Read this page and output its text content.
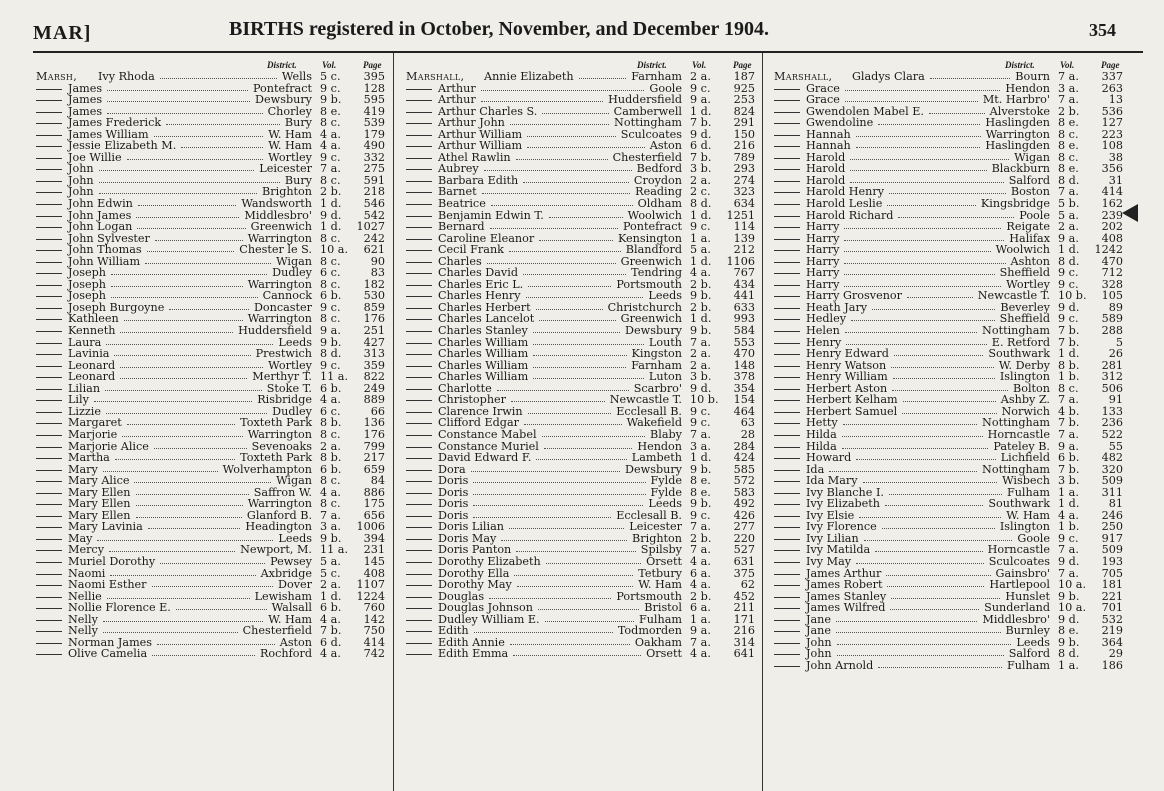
MAR]	BIRTHS registered in October, November, and December 1904.	354
District.	Vol.	Page
Marsh, Ivy Rhoda	Wells 5 c. 395
James	Pontefract 9 c. 128
James	Dewsbury 9 b. 595
James	Chorley 8 e. 419
James Frederick	Bury 8 c. 539
James William	W. Ham 4 a. 179
Jessie Elizabeth M.	W. Ham 4 a. 490
Joe Willie	Wortley 9 c. 332
John	Leicester 7 a. 275
John	Bury 8 c. 591
John	Brighton 2 b. 218
John Edwin	Wandsworth 1 d. 546
John James	Middlesbro' 9 d. 542
John Logan	Greenwich 1 d. 1027
John Sylvester	Warrington 8 c. 242
John Thomas	Chester le S. 10 a. 621
John William	Wigan 8 c.	90
Joseph	Dudley 6 c.	83
Joseph	Warrington 8 c. 182
Joseph	Cannock 6 b. 530
Joseph Burgoyne	Doncaster 9 c. 859
Kathleen	Warrington 8 c. 176
Kenneth	Huddersfield 9 a. 251
Laura	Leeds 9 b. 427
Lavinia	Prestwich 8 d. 313
Leonard	Wortley 9 c. 359
Leonard	Merthyr T. 11 a. 822
Lilian	Stoke T. 6 b. 249
Lily	Risbridge 4 a. 889
Lizzie	Dudley 6 c.	66
Margaret	Toxteth Park 8 b. 136
Marjorie	Warrington 8 c. 176
Marjorie Alice	Sevenoaks 2 a. 799
Martha	Toxteth Park 8 b. 217
Mary	Wolverhampton 6 b. 659
Mary Alice	Wigan 8 c.	84
Mary Ellen	Saffron W. 4 a. 886
Mary Ellen	Warrington 8 c. 175
Mary Ellen	Glanford B. 7 a. 656
Mary Lavinia	Headington 3 a. 1006
May	Leeds 9 b. 394
Mercy	Newport, M. 11 a. 231
Muriel Dorothy	Pewsey 5 a. 145
Naomi	Axbridge 5 c. 408
Naomi Esther	Dover 2 a. 1107
Nellie	Lewisham 1 d. 1224
Nollie Florence E.	Walsall 6 b. 760
Nelly	W. Ham 4 a. 142
Nelly	Chesterfield 7 b. 750
Norman James	Aston 6 d. 414
Olive Camelia	Rochford 4 a. 742
District.	Vol.	Page
Marshall, Annie Elizabeth	Farnham 2 a. 187
Arthur	Goole 9 c. 925
Arthur	Huddersfield 9 a. 253
Arthur Charles S.	Camberwell 1 d. 824
Arthur John	Nottingham 7 b. 291
Arthur William	Sculcoates 9 d. 150
Arthur William	Aston 6 d. 216
Athel Rawlin	Chesterfield 7 b. 789
Aubrey	Bedford 3 b. 293
Barbara Edith	Croydon 2 a. 274
Barnet	Reading 2 c. 323
Beatrice	Oldham 8 d. 634
Benjamin Edwin T.	Woolwich 1 d. 1251
Bernard	Pontefract 9 c. 114
Caroline Eleanor	Kensington 1 a. 139
Cecil Frank	Blandford 5 a. 212
Charles	Greenwich 1 d. 1106
Charles David	Tendring 4 a. 767
Charles Eric L.	Portsmouth 2 b. 434
Charles Henry	Leeds 9 b. 441
Charles Herbert	Christchurch 2 b. 633
Charles Lancelot	Greenwich 1 d. 993
Charles Stanley	Dewsbury 9 b. 584
Charles William	Louth 7 a. 553
Charles William	Kingston 2 a. 470
Charles William	Farnham 2 a. 148
Charles William	Luton 3 b. 378
Charlotte	Scarbro' 9 d. 354
Christopher	Newcastle T. 10 b. 154
Clarence Irwin	Ecclesall B. 9 c. 464
Clifford Edgar	Wakefield 9 c.	63
Constance Mabel	Blaby 7 a.	28
Constance Muriel	Hendon 3 a. 284
David Edward F.	Lambeth 1 d. 424
Dora	Dewsbury 9 b. 585
Doris	Fylde 8 e. 572
Doris	Fylde 8 e. 583
Doris	Leeds 9 b. 492
Doris	Ecclesall B. 9 c. 426
Doris Lilian	Leicester 7 a. 277
Doris May	Brighton 2 b. 220
Doris Panton	Spilsby 7 a. 527
Dorothy Elizabeth	Orsett 4 a. 631
Dorothy Ella	Tetbury 6 a. 375
Dorothy May	W. Ham 4 a.	62
Douglas	Portsmouth 2 b. 452
Douglas Johnson	Bristol 6 a. 211
Dudley William E.	Fulham 1 a. 171
Edith	Todmorden 9 a. 216
Edith Annie	Oakham 7 a. 314
Edith Emma	Orsett 4 a. 641
District.	Vol.	Page
Marshall, Gladys Clara	Bourn 7 a. 337
Grace	Hendon 3 a. 263
Grace	Mt. Harbro' 7 a.	13
Gwendolen Mabel E.	Alverstoke 2 b. 536
Gwendoline	Haslingden 8 e. 127
Hannah	Warrington 8 c. 223
Hannah	Haslingden 8 e. 108
Harold	Wigan 8 c.	38
Harold	Blackburn 8 e. 356
Harold	Salford 8 d.	31
Harold Henry	Boston 7 a. 414
Harold Leslie	Kingsbridge 5 b. 162
Harold Richard	Poole 5 a. 239
Harry	Reigate 2 a. 202
Harry	Halifax 9 a. 408
Harry	Woolwich 1 d. 1242
Harry	Ashton 8 d. 470
Harry	Sheffield 9 c. 712
Harry	Wortley 9 c. 328
Harry Grosvenor	Newcastle T. 10 b. 105
Heath Jary	Beverley 9 d.	89
Hedley	Sheffield 9 c. 589
Helen	Nottingham 7 b. 288
Henry	E. Retford 7 b.	5
Henry Edward	Southwark 1 d.	26
Henry Watson	W. Derby 8 b. 281
Henry William	Islington 1 b. 312
Herbert Aston	Bolton 8 c. 506
Herbert Kelham	Ashby Z. 7 a.	91
Herbert Samuel	Norwich 4 b. 133
Hetty	Nottingham 7 b. 236
Hilda	Horncastle 7 a. 522
Hilda	Pateley B. 9 a.	55
Howard	Lichfield 6 b. 482
Ida	Nottingham 7 b. 320
Ida Mary	Wisbech 3 b. 509
Ivy Blanche I.	Fulham 1 a. 311
Ivy Elizabeth	Southwark 1 d.	81
Ivy Elsie	W. Ham 4 a. 246
Ivy Florence	Islington 1 b. 250
Ivy Lilian	Goole 9 c. 917
Ivy Matilda	Horncastle 7 a. 509
Ivy May	Sculcoates 9 d. 193
James Arthur	Gainsbro' 7 a. 705
James Robert	Hartlepool 10 a. 181
James Stanley	Hunslet 9 b. 221
James Wilfred	Sunderland 10 a. 701
Jane	Middlesbro' 9 d. 532
Jane	Burnley 8 e. 219
John	Leeds 9 b. 364
John	Salford 8 d.	29
John Arnold	Fulham 1 a. 186
